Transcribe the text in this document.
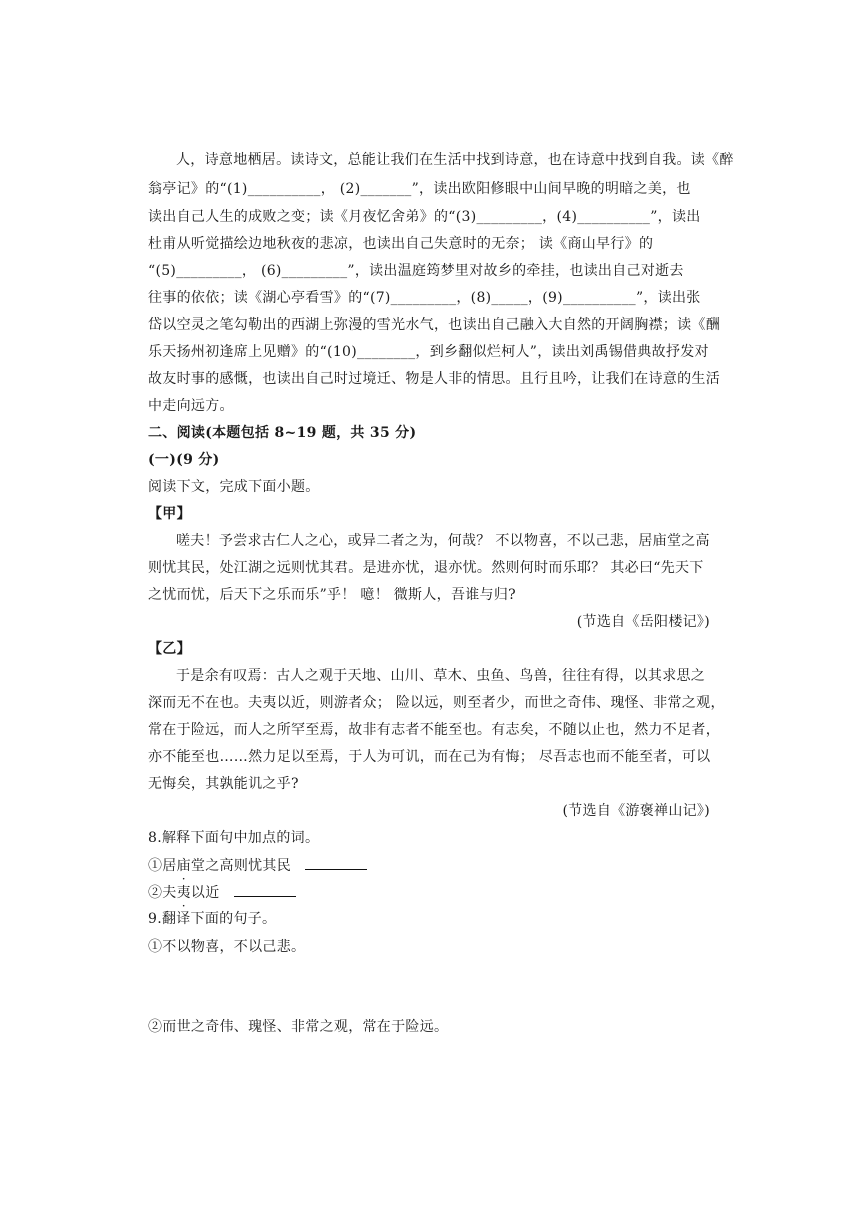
人，诗意地栖居。读诗文，总能让我们在生活中找到诗意，也在诗意中找到自我。读《醉
翁亭记》的“(1)__________， (2)_______”，读出欧阳修眼中山间早晚的明暗之美，也
读出自己人生的成败之变；读《月夜忆舍弟》的“(3)_________，(4)__________”，读出
杜甫从听觉描绘边地秋夜的悲凉，也读出自己失意时的无奈； 读《商山早行》的
“(5)_________， (6)_________”，读出温庭筠梦里对故乡的牵挂，也读出自己对逝去
往事的依依；读《湖心亭看雪》的“(7)_________，(8)_____，(9)__________”，读出张
岱以空灵之笔勾勒出的西湖上弥漫的雪光水气，也读出自己融入大自然的开阔胸襟；读《酬
乐天扬州初逢席上见赠》的“(10)________，到乡翻似烂柯人”，读出刘禹锡借典故抒发对
故友时事的感慨，也读出自己时过境迁、物是人非的情思。且行且吟，让我们在诗意的生活
中走向远方。
二、阅读(本题包括 8~19 题，共 35 分)
(一)(9 分)
阅读下文，完成下面小题。
【甲】
嗟夫！予尝求古仁人之心，或异二者之为，何哉？ 不以物喜，不以己悲，居庙堂之高
则忧其民，处江湖之远则忧其君。是进亦忧，退亦忧。然则何时而乐耶？ 其必曰“先天下
之忧而忧，后天下之乐而乐”乎！ 噫！ 微斯人，吾谁与归?
(节选自《岳阳楼记》)
【乙】
于是余有叹焉：古人之观于天地、山川、草木、虫鱼、鸟兽，往往有得，以其求思之
深而无不在也。夫夷以近，则游者众； 险以远，则至者少，而世之奇伟、瑰怪、非常之观，
常在于险远，而人之所罕至焉，故非有志者不能至也。有志矣，不随以止也，然力不足者，
亦不能至也……然力足以至焉，于人为可讥，而在己为有悔； 尽吾志也而不能至者，可以
无悔矣，其孰能讥之乎?
(节选自《游褒禅山记》)
8.解释下面句中加点的词。
①居庙堂之高则忧其民
②夫夷以近
9.翻译下面的句子。
①不以物喜，不以己悲。
②而世之奇伟、瑰怪、非常之观，常在于险远。
